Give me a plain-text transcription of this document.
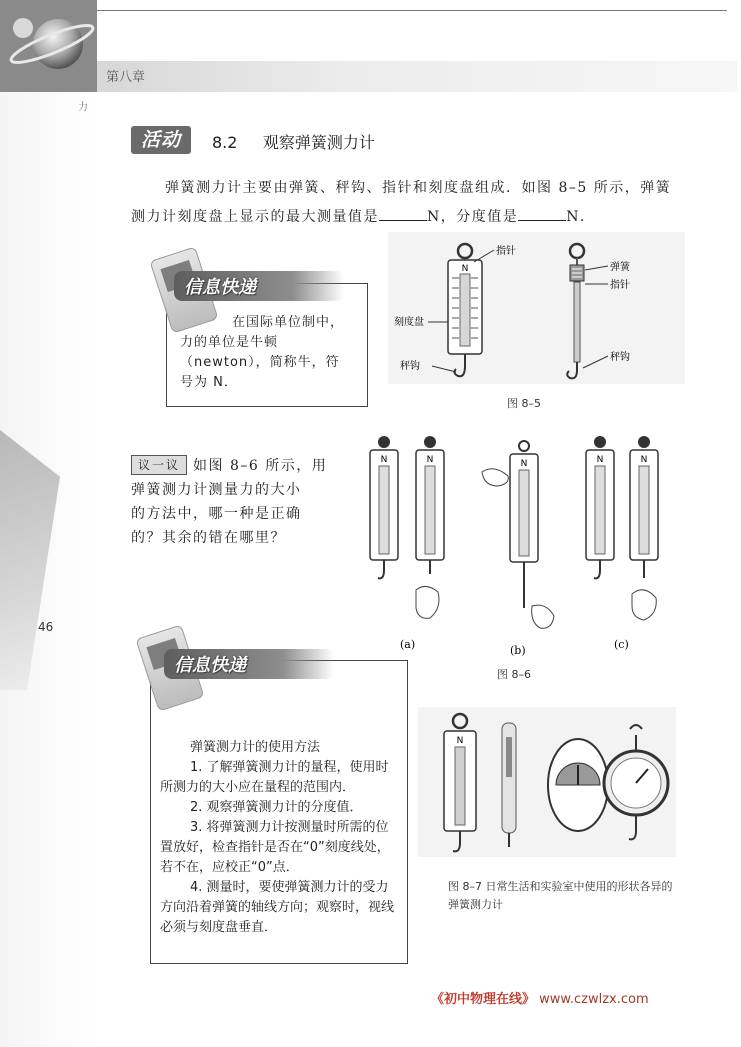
第八章
力
46
活动	8.2 观察弹簧测力计
弹簧测力计主要由弹簧、秤钩、指针和刻度盘组成．如图 8–5 所示，弹簧
测力计刻度盘上显示的最大测量值是	N，分度值是	N．
信息快递

在国际单位制中，

力的单位是牛顿

（newton），简称牛，符

号为 N．

N
指针
刻度盘
秤钩
弹簧
指针
秤钩
图 8–5
议一议 如图 8–6 所示，用
弹簧测力计测量力的大小
的方法中，哪一种是正确
的？其余的错在哪里？
N	N	N	N	N
(a)	(b)	(c)
图 8–6
信息快递
弹簧测力计的使用方法

1. 了解弹簧测力计的量程，使用时所测力的大小应在量程的范围内．

2. 观察弹簧测力计的分度值．

3. 将弹簧测力计按测量时所需的位置放好，检查指针是否在“0”刻度线处，若不在，应校正“0”点．

4. 测量时，要使弹簧测力计的受力方向沿着弹簧的轴线方向；观察时，视线必须与刻度盘垂直．

N
图 8–7 日常生活和实验室中使用的形状各异的弹簧测力计
《初中物理在线》 www.czwlzx.com
